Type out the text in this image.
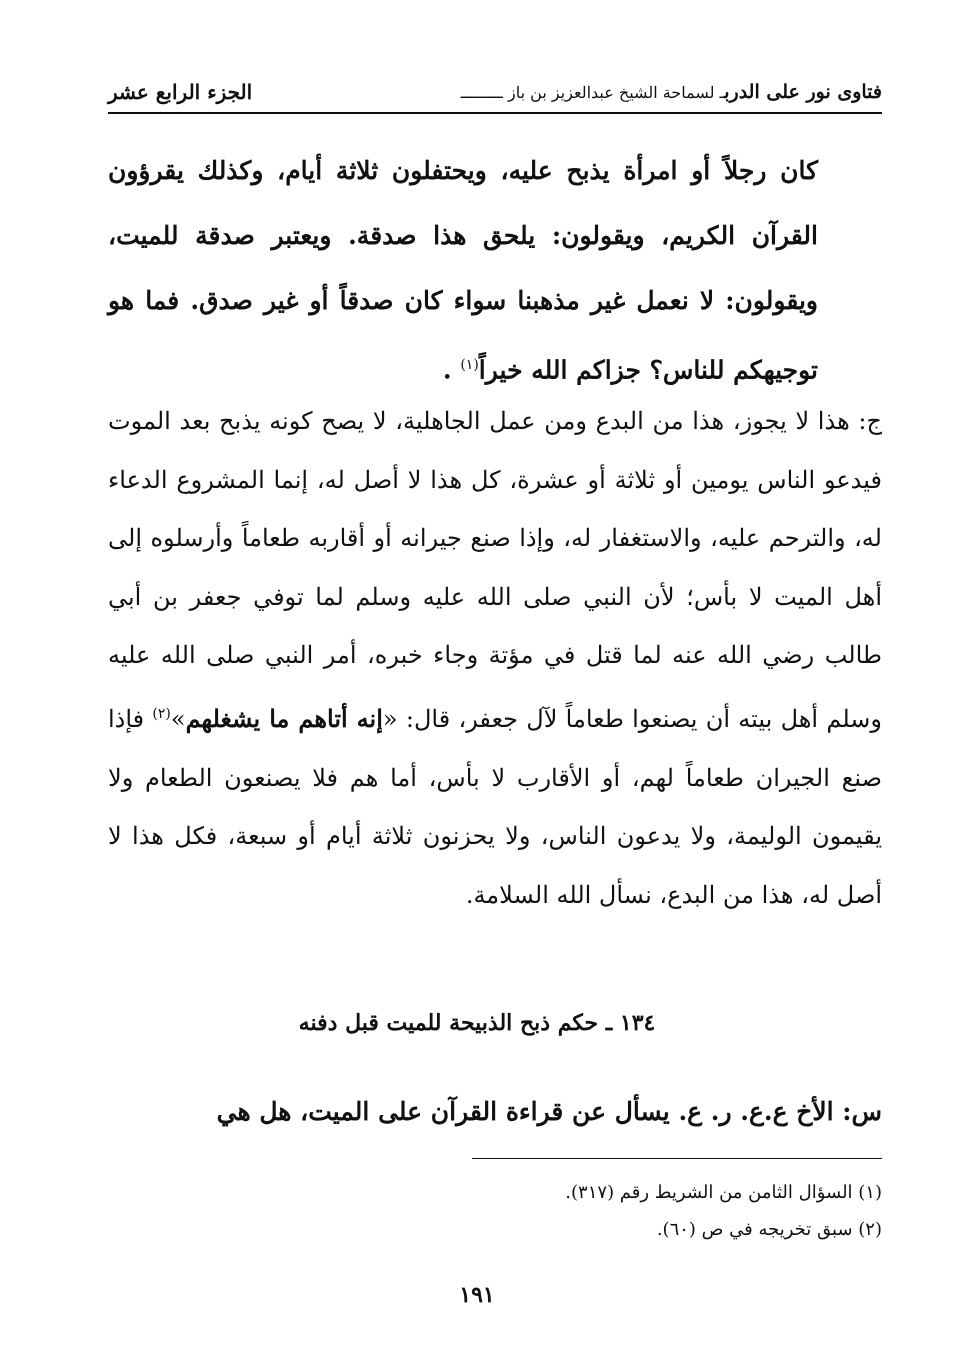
فتاوى نور على الدربـ لسماحة الشيخ عبدالعزيز بن باز ـــــــــ
الجزء الرابع عشر
كان رجلاً أو امرأة يذبح عليه، ويحتفلون ثلاثة أيام، وكذلك يقرؤون القرآن الكريم، ويقولون: يلحق هذا صدقة. ويعتبر صدقة للميت، ويقولون: لا نعمل غير مذهبنا سواء كان صدقاً أو غير صدق. فما هو توجيهكم للناس؟ جزاكم الله خيراً$^{(١)}$ .
ج: هذا لا يجوز، هذا من البدع ومن عمل الجاهلية، لا يصح كونه يذبح بعد الموت فيدعو الناس يومين أو ثلاثة أو عشرة، كل هذا لا أصل له، إنما المشروع الدعاء له، والترحم عليه، والاستغفار له، وإذا صنع جيرانه أو أقاربه طعاماً وأرسلوه إلى أهل الميت لا بأس؛ لأن النبي صلى الله عليه وسلم لما توفي جعفر بن أبي طالب رضي الله عنه لما قتل في مؤتة وجاء خبره، أمر النبي صلى الله عليه وسلم أهل بيته أن يصنعوا طعاماً لآل جعفر، قال: «إنه أتاهم ما يشغلهم»$^{(٢)}$ فإذا صنع الجيران طعاماً لهم، أو الأقارب لا بأس، أما هم فلا يصنعون الطعام ولا يقيمون الوليمة، ولا يدعون الناس، ولا يحزنون ثلاثة أيام أو سبعة، فكل هذا لا أصل له، هذا من البدع، نسأل الله السلامة.
١٣٤ ـ حكم ذبح الذبيحة للميت قبل دفنه
س: الأخ ع.ع. ر. ع. يسأل عن قراءة القرآن على الميت، هل هي
(١) السؤال الثامن من الشريط رقم (٣١٧).
(٢) سبق تخريجه في ص (٦٠).
١٩١
